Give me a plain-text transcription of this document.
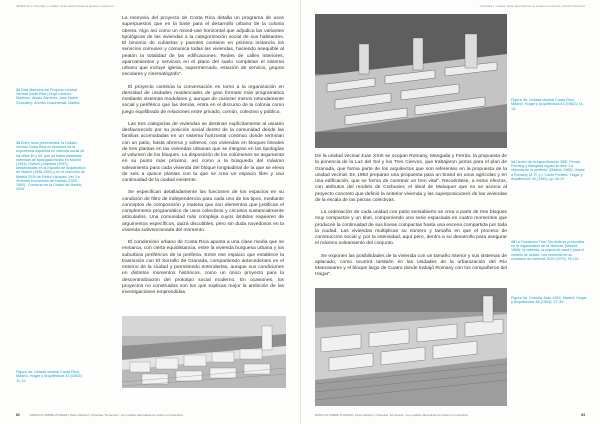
INDEX 02 | Vivienda y ciudad: otras alternativas al sistema moderno

La memoria del proyecto de Costa Rica detalla un programa de usos superpuestos que en la base para el desarrollo urbano de la colonia obrera. Algo así como un mixed-use horizontal que adjudica las variantes tipológicas de las viviendas a la categorización social de sus habitantes. El binomio de cubiertas y puentes contiene en primera instancia los servicios comunes y comunica todas las viviendas, haciendo asequible al peatón la totalidad de las edificaciones. Redes de calles interiores, aparcamientos y servicios en el plano del suelo completan el sistema urbano que incluye iglesia, supermercado, estación de servicio, grupos escolares y cinematógrafo".

El proyecto continúa la conversación en torno a la organización en densidad de unidades residenciales de gran formato más programática mediante sistemas modulares y, aunque de carácter menos rotundamente social y periférico que las demás, entra en el discurso de la colonia como juego equilibrado de relaciones entre privado, común, colectivo y público.

Las tres categorías de viviendas se destinan explícitamente al usuario desfavorecido por su posición social dentro de la comunidad desde las familias acomodadas en un sistema horizontal continuo donde terminan con un patio, hasta obreros y solteros, con viviendas en bloques lineales de tres plantas en las viviendas urbanas que se integran en las tipologías al volumen de los bloques. La disposición de los volúmenes se argumenta en su punto más próximo, así como a la búsqueda del máximo soleamiento para cada vivienda del bloque longitudinal de la que se eleva de seis a quince plantas con la que se crea un espacio libre y una continuidad de la ciudad existente.

Se especifican detalladamente las funciones de los espacios en su condición de filtro de independencia para cada uno de los tipos, mediante conceptos de composición y materia que son elementos que justifican el complemento programático de usos colectivos y circuitos sustancialmente articulados. Una comunidad más compleja cuyos ámbitos requieren de argumentos específicos, quizá discutibles, pero sin duda novedosos en la vivienda subvencionada del momento.

El condominio urbano de Costa Rica apunta a una clase media que se enmarca, con cierta equidistancia, entre la vivienda burguesa urbana y los suburbios periféricos de la periferia. Entre ese espacio que establece la trasmisión con El Sorrallo de Granada, compartiendo antecedentes en el entorno de la ciudad y permitiendo entenderlas, aunque sus condiciones en distintos momentos históricos, como un único proyecto para la descentralización del prototipo social moderno. En ocasiones, los proyectos no construidos son los que explican mejor la ambición de las investigaciones emprendidas.

12 Dela Memoria del Proyecto Unidad Vecinal Costa Rica (Jorge Lorenzo Martínez, Álvaro Sánchez, José Martín González). Archivo Documental, Madrid.
13 Entre otros precedentes, la Unidad Vecinal Costa Rica es heredera de la experiencia española en vivienda social de los años 40 y 50, que ya había planteado viviendas de tipologías mixtas en Madrid (1954), Huelva y Navarra (1957), desarrolladas en la Escuela de Arquitectura de Madrid (1958-1962) y en el concurso de Madrid 2019 de Pedro Vázquez. Ver 'La Vivienda Económica del Estado (1939-1960)', Concurso en la Ciudad de Madrid, 2016.
Figura 4a. Unidad vecinal Costa Rica, Madrid. Hogar y Arquitectura 43 (1962): 11-12.
ENSAYOS SOBRE VIVIENDA | Pedro Martínez | Viviendas "El Gamote": tres posibles alternativas al modelo en Costa Rica
62
Vivienda y ciudad: otras alternativas al sistema moderno | Pedro Martínez
Figura 4b. Unidad vecinal Costa Rica, Madrid. Hogar y Arquitectura 43 (1962): 11-13.

De la unidad vecinal Juan XXIII se ocupan Romany, Mangada y Ferrán, la propuesta de la ponencia de la Luz del Sol y los Tres Ciervos, que trabajaron juntos para el plan de Granada, que forma parte de los arquitectos que son referentes en la propuesta de la unidad vecinal. En 1963 preparan una propuesta para un brand en unos agrícolas y en una edificación, que se forma de construir un tren vital". Recuérdese, a estos efectos, con atributos del modelo de Corbusier, el ideal de Maluquer que no se acerca al proyecto concreto que definió la anterior vivienda y las superposiciones de las viviendas de la escala de las piezas colectivas.

La ordenación de cada unidad con patio semiabierto se crea a partir de tres bloques muy compactos y un tinel, componiendo una serie espaciada en cuatro momentos que producen la continuidad de sus líneas compactas hasta una escena compartida por toda la ciudad. Las viviendas multiplican su número y tamaño en que el proceso de construcción social y, por la intensidad, aquí pero, dentro a su desarrollo para asegurar el máximo soleamiento del conjunto.

Se exponen las posibilidades de la vivienda con un tamaño interior y sus sistemas de aplacado, como ocurrirá también en las unidades de la urbanización del Río Manzanares y el bloque largo de Cuatro donde trabajó Romany con los compañeros del Hogar".

14 Dentro de la especificación SBE, Ferrán, Romany y Mangada siguen la obra "La vivienda de la periferia" (Madrid, 1965). Véase a Romany, M. R. y I. Cantó Perales. 'Hogar y Arquitectura' 42 (1962): pp. 60-67.
15 La Fundación Tres 'Sin duda se profundiza en la organización de la vivienda' (Madrid, 1965): la vivienda, la misma de casa y para el modelo de ciudad, nos recuerda en su condición de vivienda 2020 (1979), 99-101.
Figura 5a. Colonia Juan XXIII, Madrid. Hogar y Arquitectura 48 (1963): 27-30.
ENSAYOS SOBRE VIVIENDA | Pedro Martínez | Viviendas "El Gamote": tres posibles alternativas al modelo en Costa Rica	63
